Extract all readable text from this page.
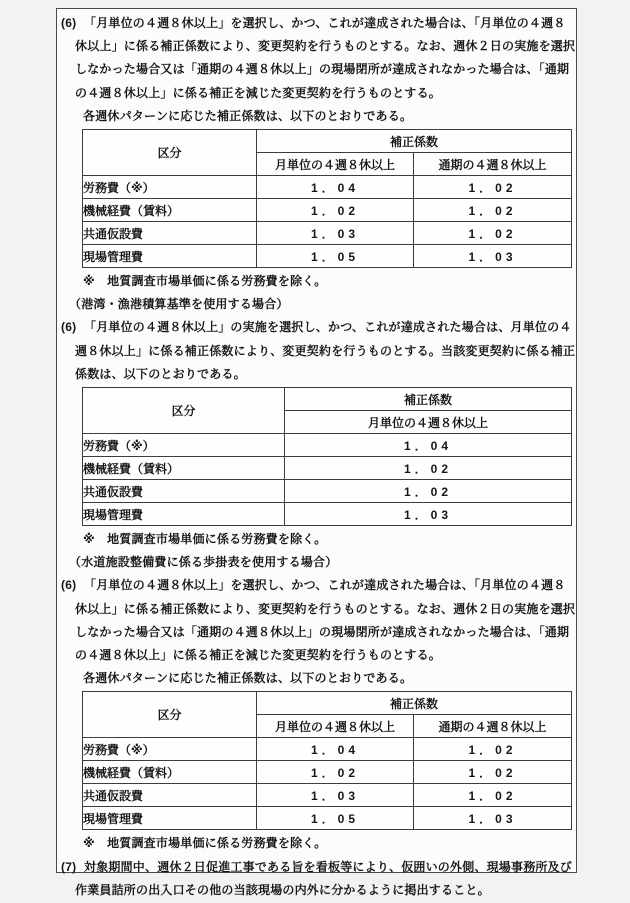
(6) 「月単位の４週８休以上」を選択し、かつ、これが達成された場合は、「月単位の４週８
休以上」に係る補正係数により、変更契約を行うものとする。なお、週休２日の実施を選択
しなかった場合又は「通期の４週８休以上」の現場閉所が達成されなかった場合は、「通期
の４週８休以上」に係る補正を減じた変更契約を行うものとする。
各週休パターンに応じた補正係数は、以下のとおりである。
区分	補正係数	
	月単位の４週８休以上	通期の４週８休以上
労務費（※）	1．04	1．02
機械経費（賃料）	1．02	1．02
共通仮設費	1．03	1．02
現場管理費	1．05	1．03
※　地質調査市場単価に係る労務費を除く。
（港湾・漁港積算基準を使用する場合）
(6) 「月単位の４週８休以上」の実施を選択し、かつ、これが達成された場合は、月単位の４
週８休以上」に係る補正係数により、変更契約を行うものとする。当該変更契約に係る補正
係数は、以下のとおりである。
区分	補正係数
	月単位の４週８休以上
労務費（※）	1．04
機械経費（賃料）	1．02
共通仮設費	1．02
現場管理費	1．03
※　地質調査市場単価に係る労務費を除く。
（水道施設整備費に係る歩掛表を使用する場合）
(6) 「月単位の４週８休以上」を選択し、かつ、これが達成された場合は、「月単位の４週８
休以上」に係る補正係数により、変更契約を行うものとする。なお、週休２日の実施を選択
しなかった場合又は「通期の４週８休以上」の現場閉所が達成されなかった場合は、「通期
の４週８休以上」に係る補正を減じた変更契約を行うものとする。
各週休パターンに応じた補正係数は、以下のとおりである。
区分	補正係数	
	月単位の４週８休以上	通期の４週８休以上
労務費（※）	1．04	1．02
機械経費（賃料）	1．02	1．02
共通仮設費	1．03	1．02
現場管理費	1．05	1．03
※　地質調査市場単価に係る労務費を除く。
(7) 対象期間中、週休２日促進工事である旨を看板等により、仮囲いの外側、現場事務所及び
作業員詰所の出入口その他の当該現場の内外に分かるように掲出すること。
